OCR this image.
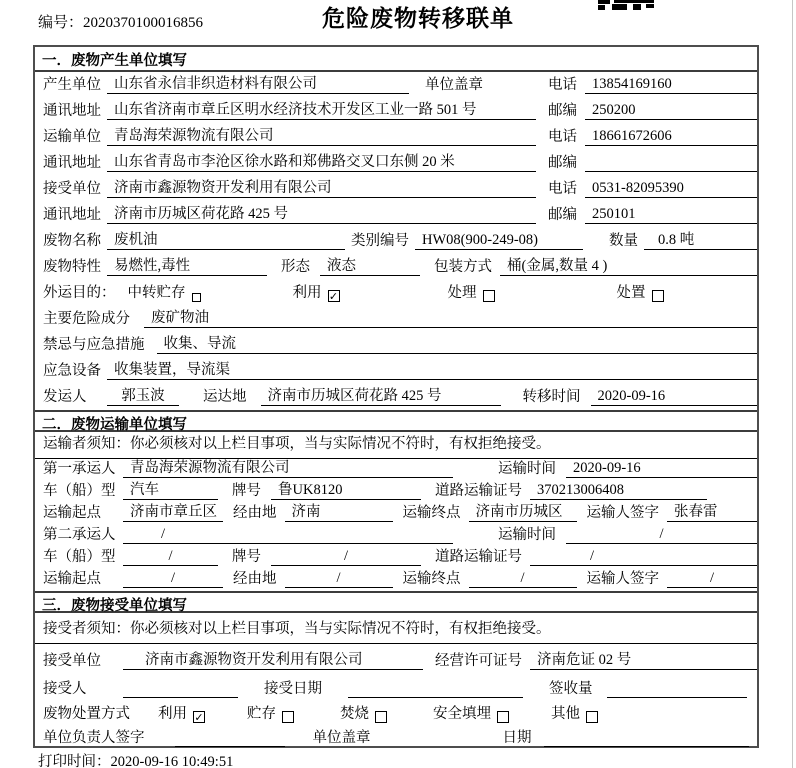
编号：2020370100016856	危险废物转移联单
一．废物产生单位填写
产生单位 山东省永信非织造材料有限公司	单位盖章	电话	13854169160
通讯地址 山东省济南市章丘区明水经济技术开发区工业一路 501 号	邮编	250200
运输单位 青岛海荣源物流有限公司	电话	18661672606
通讯地址 山东省青岛市李沧区徐水路和郑佛路交叉口东侧 20 米	邮编
接受单位 济南市鑫源物资开发利用有限公司	电话	0531-82095390
通讯地址 济南市历城区荷花路 425 号	邮编	250101
废物名称 废机油	类别编号 HW08(900-249-08)	数量	0.8 吨
废物特性 易燃性,毒性	形态	液态	包装方式	桶(金属,数量 4 )
外运目的： 中转贮存	利用 ✓	处理	处置
主要危险成分	废矿物油
禁忌与应急措施	收集、导流
应急设备 收集装置，导流渠
发运人	郭玉波	运达地	济南市历城区荷花路 425 号	转移时间	2020-09-16
二．废物运输单位填写
运输者须知：你必须核对以上栏目事项，当与实际情况不符时，有权拒绝接受。
第一承运人	青岛海荣源物流有限公司	运输时间	2020-09-16
车（船）型	汽车	牌号	鲁UK8120	道路运输证号	370213006408
运输起点	济南市章丘区	经由地	济南	运输终点	济南市历城区	运输人签字	张春雷
第二承运人	/	运输时间	/
车（船）型	/	牌号	/	道路运输证号	/
运输起点	/	经由地	/	运输终点	/	运输人签字	/
三．废物接受单位填写
接受者须知：你必须核对以上栏目事项，当与实际情况不符时，有权拒绝接受。
接受单位	济南市鑫源物资开发利用有限公司	经营许可证号	济南危证 02 号
接受人	接受日期	签收量
废物处置方式 利用 ✓	贮存	焚烧	安全填埋	其他
单位负责人签字	单位盖章	日期
打印时间：2020-09-16 10:49:51
